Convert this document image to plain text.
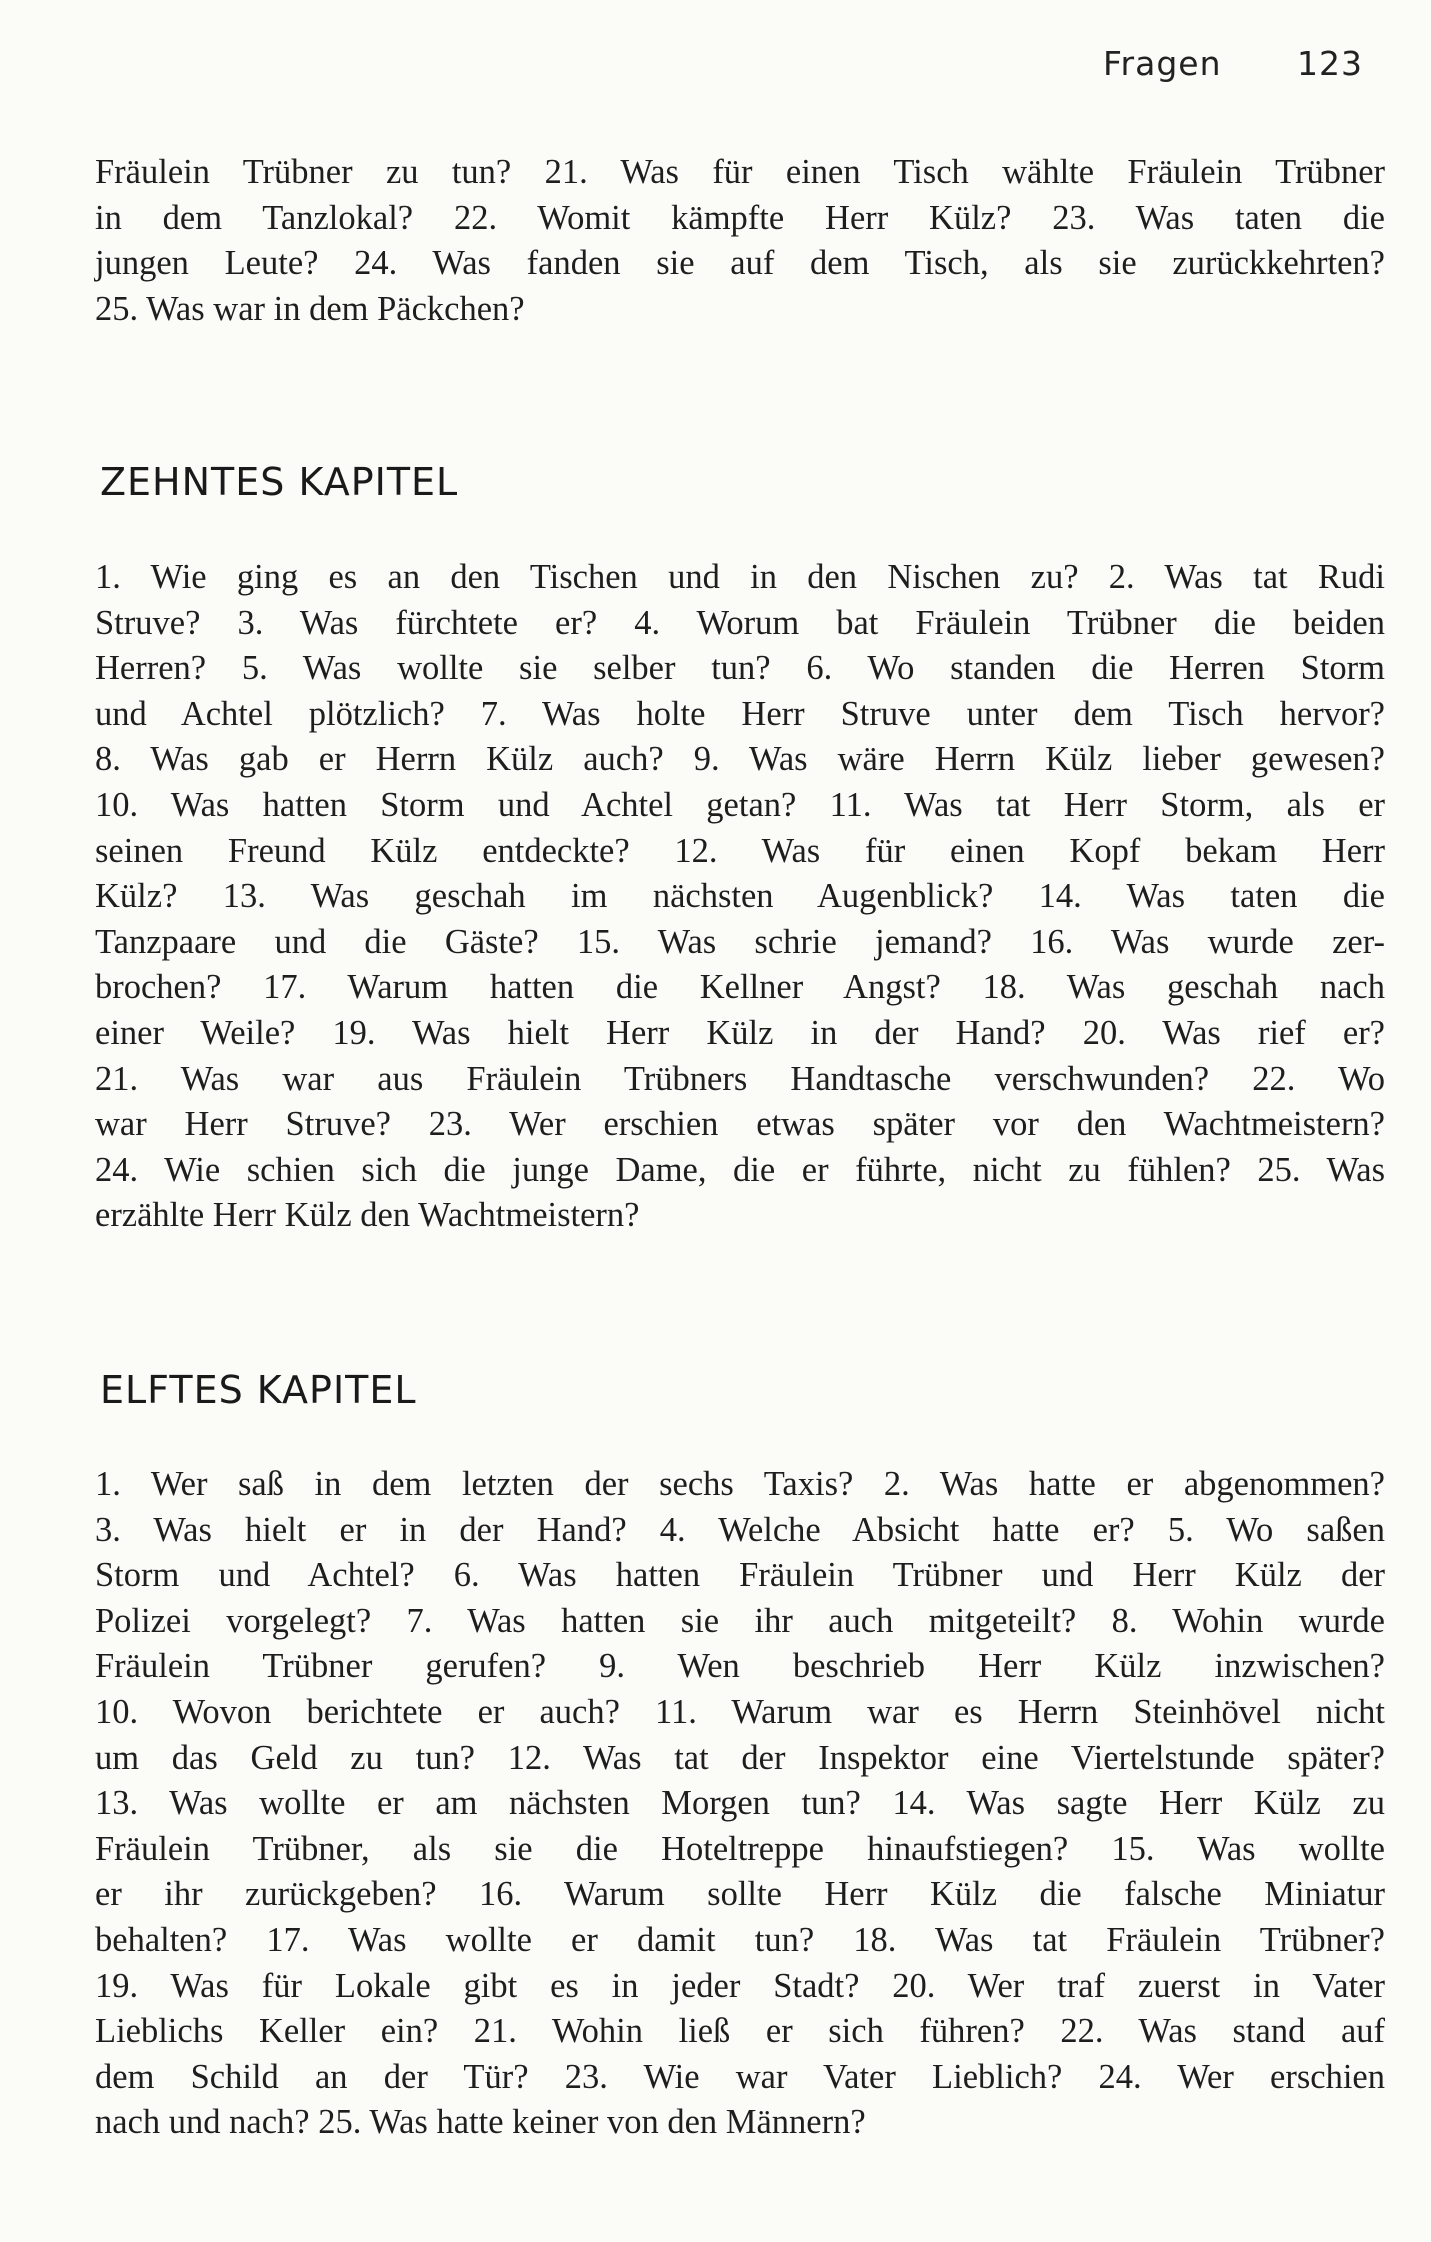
Fragen 123
Fräulein Trübner zu tun? 21. Was für einen Tisch wählte Fräulein Trübner
in dem Tanzlokal? 22. Womit kämpfte Herr Külz? 23. Was taten die
jungen Leute? 24. Was fanden sie auf dem Tisch, als sie zurückkehrten?
25. Was war in dem Päckchen?
ZEHNTES KAPITEL
1. Wie ging es an den Tischen und in den Nischen zu? 2. Was tat Rudi
Struve? 3. Was fürchtete er? 4. Worum bat Fräulein Trübner die beiden
Herren? 5. Was wollte sie selber tun? 6. Wo standen die Herren Storm
und Achtel plötzlich? 7. Was holte Herr Struve unter dem Tisch hervor?
8. Was gab er Herrn Külz auch? 9. Was wäre Herrn Külz lieber gewesen?
10. Was hatten Storm und Achtel getan? 11. Was tat Herr Storm, als er
seinen Freund Külz entdeckte? 12. Was für einen Kopf bekam Herr
Külz? 13. Was geschah im nächsten Augenblick? 14. Was taten die
Tanzpaare und die Gäste? 15. Was schrie jemand? 16. Was wurde zer-
brochen? 17. Warum hatten die Kellner Angst? 18. Was geschah nach
einer Weile? 19. Was hielt Herr Külz in der Hand? 20. Was rief er?
21. Was war aus Fräulein Trübners Handtasche verschwunden? 22. Wo
war Herr Struve? 23. Wer erschien etwas später vor den Wachtmeistern?
24. Wie schien sich die junge Dame, die er führte, nicht zu fühlen? 25. Was
erzählte Herr Külz den Wachtmeistern?
ELFTES KAPITEL
1. Wer saß in dem letzten der sechs Taxis? 2. Was hatte er abgenommen?
3. Was hielt er in der Hand? 4. Welche Absicht hatte er? 5. Wo saßen
Storm und Achtel? 6. Was hatten Fräulein Trübner und Herr Külz der
Polizei vorgelegt? 7. Was hatten sie ihr auch mitgeteilt? 8. Wohin wurde
Fräulein Trübner gerufen? 9. Wen beschrieb Herr Külz inzwischen?
10. Wovon berichtete er auch? 11. Warum war es Herrn Steinhövel nicht
um das Geld zu tun? 12. Was tat der Inspektor eine Viertelstunde später?
13. Was wollte er am nächsten Morgen tun? 14. Was sagte Herr Külz zu
Fräulein Trübner, als sie die Hoteltreppe hinaufstiegen? 15. Was wollte
er ihr zurückgeben? 16. Warum sollte Herr Külz die falsche Miniatur
behalten? 17. Was wollte er damit tun? 18. Was tat Fräulein Trübner?
19. Was für Lokale gibt es in jeder Stadt? 20. Wer traf zuerst in Vater
Lieblichs Keller ein? 21. Wohin ließ er sich führen? 22. Was stand auf
dem Schild an der Tür? 23. Wie war Vater Lieblich? 24. Wer erschien
nach und nach? 25. Was hatte keiner von den Männern?
